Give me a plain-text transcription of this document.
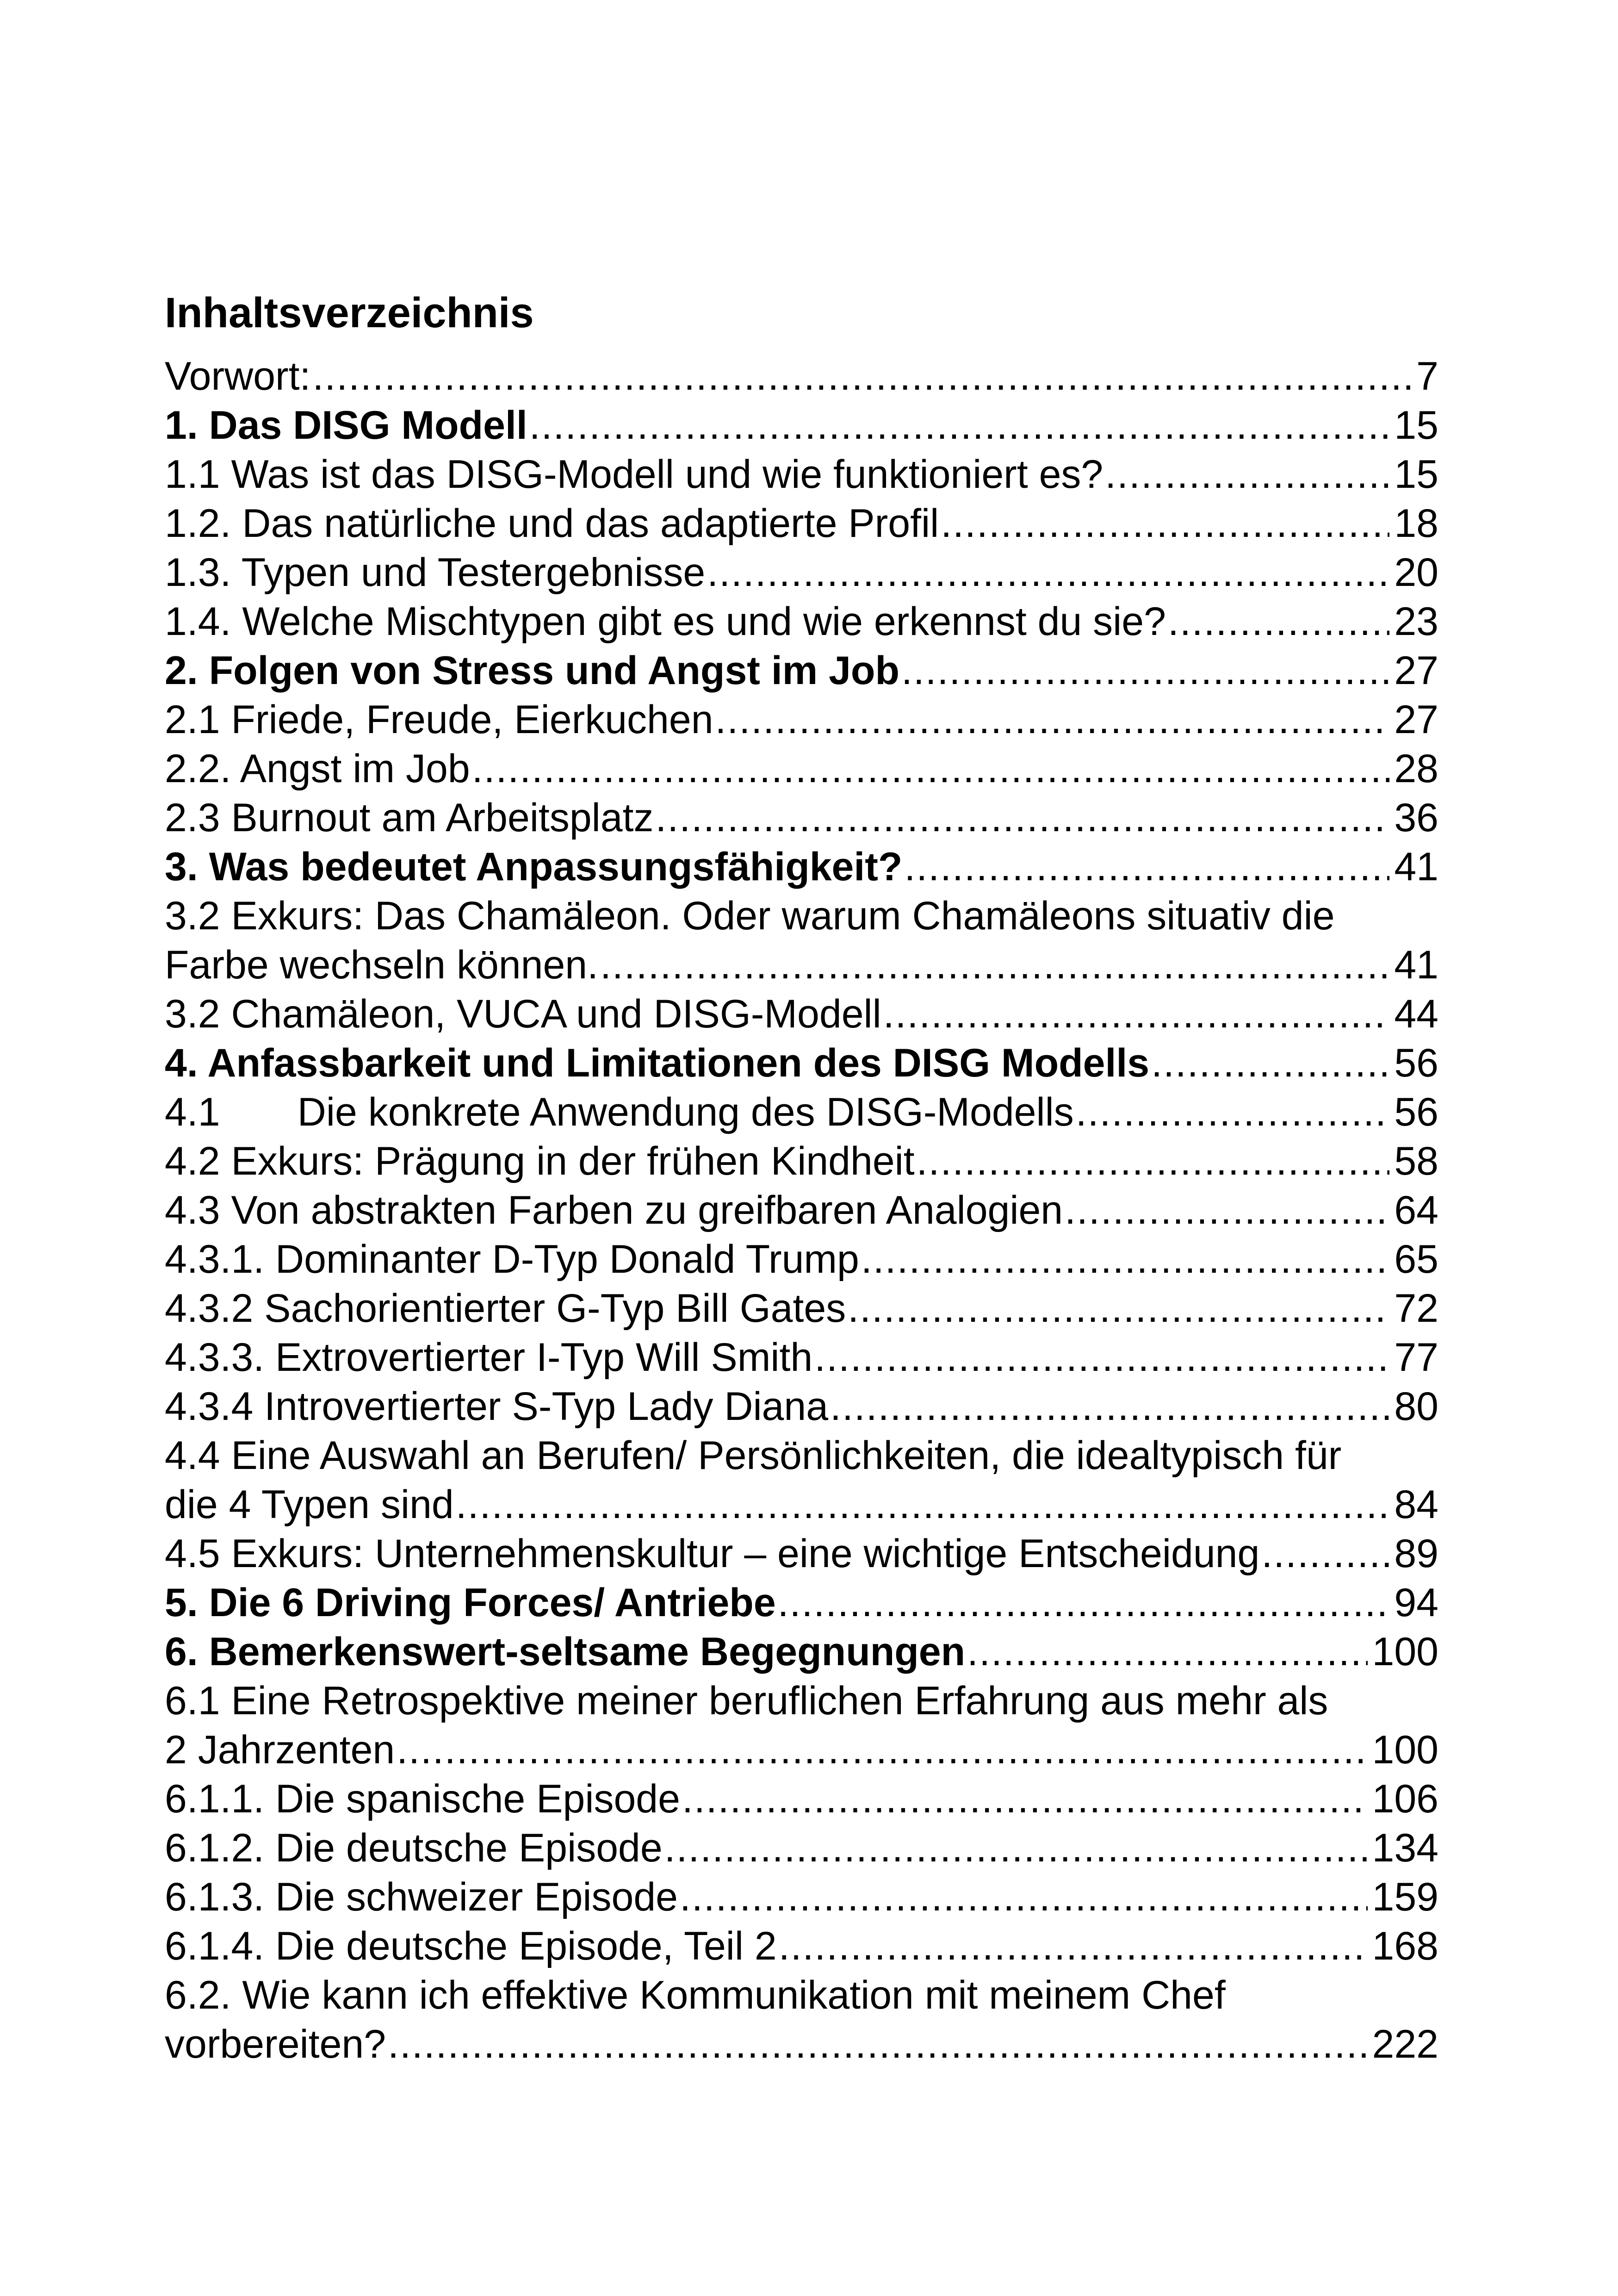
Inhaltsverzeichnis
Vorwort: .....	7
1. Das DISG Modell .....	15
1.1 Was ist das DISG-Modell und wie funktioniert es? .....	15
1.2. Das natürliche und das adaptierte Profil .....	18
1.3. Typen und Testergebnisse .....	20
1.4. Welche Mischtypen gibt es und wie erkennst du sie? .....	23
2. Folgen von Stress und Angst im Job .....	27
2.1 Friede, Freude, Eierkuchen .....	27
2.2. Angst im Job .....	28
2.3 Burnout am Arbeitsplatz .....	36
3. Was bedeutet Anpassungsfähigkeit? .....	41
3.2 Exkurs: Das Chamäleon. Oder warum Chamäleons situativ die
Farbe wechseln können. .....	41
3.2 Chamäleon, VUCA und DISG-Modell .....	44
4. Anfassbarkeit und Limitationen des DISG Modells .....	56
4.1       Die konkrete Anwendung des DISG-Modells .....	56
4.2 Exkurs: Prägung in der frühen Kindheit .....	58
4.3 Von abstrakten Farben zu greifbaren Analogien .....	64
4.3.1. Dominanter D-Typ Donald Trump .....	65
4.3.2 Sachorientierter G-Typ Bill Gates .....	72
4.3.3. Extrovertierter I-Typ Will Smith .....	77
4.3.4 Introvertierter S-Typ Lady Diana .....	80
4.4 Eine Auswahl an Berufen/ Persönlichkeiten, die idealtypisch für
die 4 Typen sind .....	84
4.5 Exkurs: Unternehmenskultur – eine wichtige Entscheidung .....	89
5. Die 6 Driving Forces/ Antriebe .....	94
6. Bemerkenswert-seltsame Begegnungen .....	100
6.1 Eine Retrospektive meiner beruflichen Erfahrung aus mehr als
2 Jahrzenten .....	100
6.1.1. Die spanische Episode .....	106
6.1.2. Die deutsche Episode .....	134
6.1.3. Die schweizer Episode .....	159
6.1.4. Die deutsche Episode, Teil 2 .....	168
6.2. Wie kann ich effektive Kommunikation mit meinem Chef
vorbereiten? .....	222
